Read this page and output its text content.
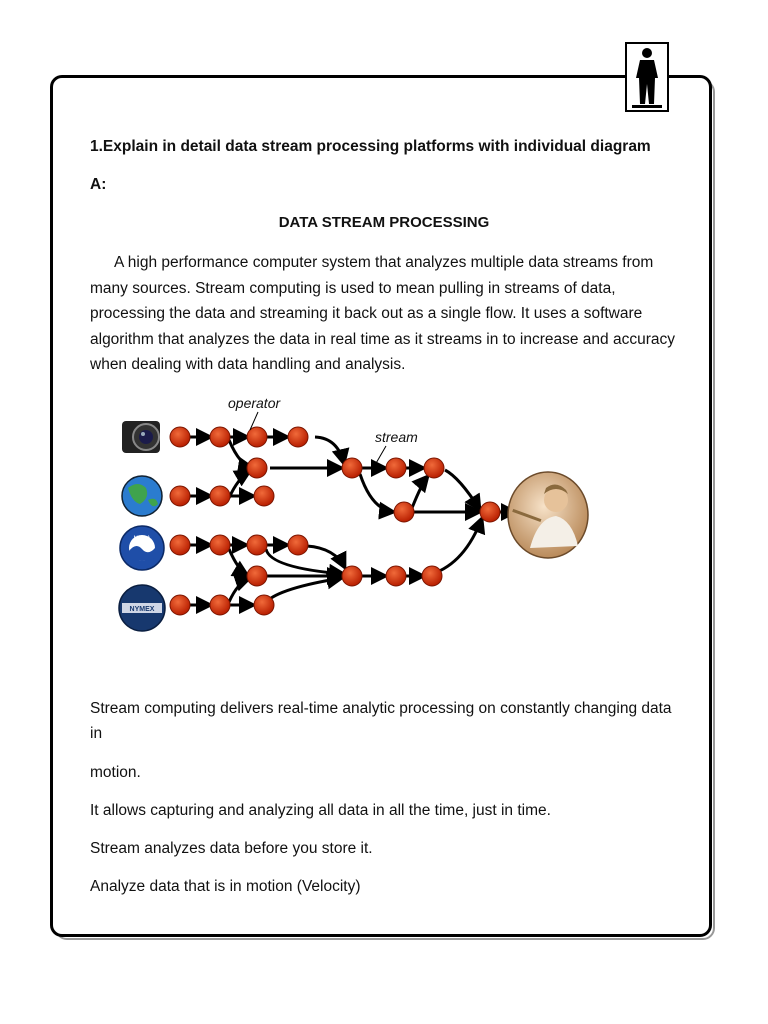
1.Explain in detail data stream processing platforms with individual diagram
A:
DATA STREAM PROCESSING
A high performance computer system that analyzes multiple data streams from many sources. Stream computing is used to mean pulling in streams of data, processing the data and streaming it back out as a single flow. It uses a software algorithm that analyzes the data in real time as it streams in to increase and accuracy when dealing with data handling and analysis.
NOAA
NYMEX
operator
stream
Stream computing delivers real-time analytic processing on constantly changing data in
motion.
It allows capturing and analyzing all data in all the time, just in time.
Stream analyzes data before you store it.
Analyze data that is in motion (Velocity)
